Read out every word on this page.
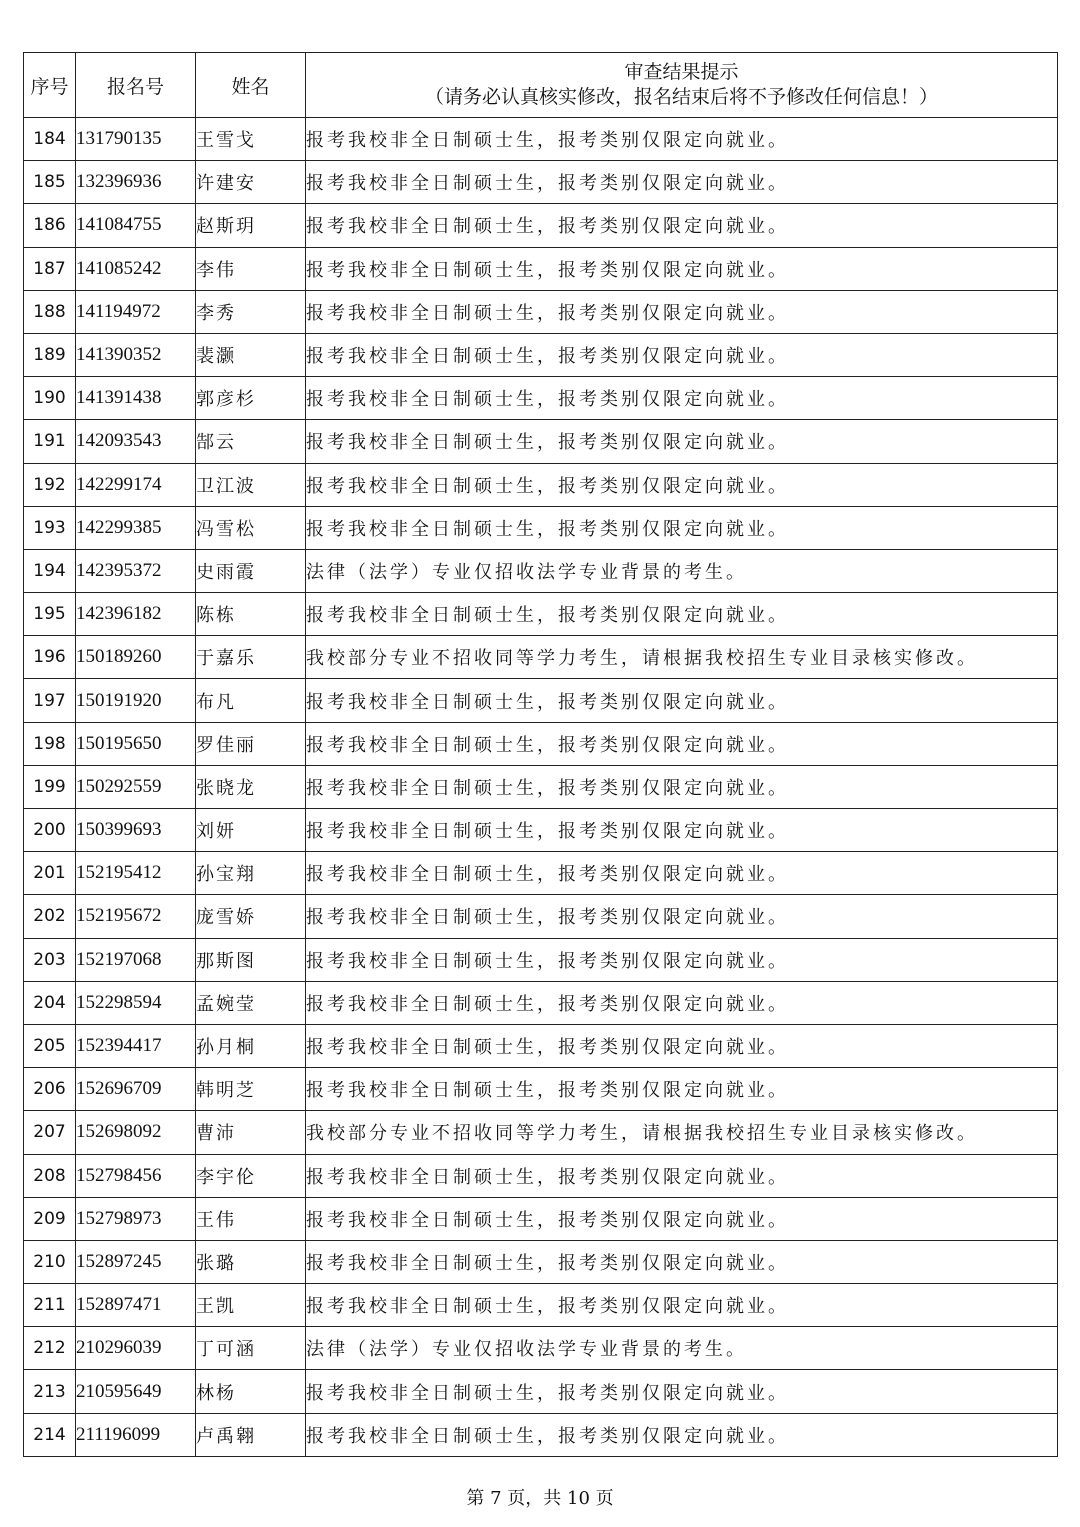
序号	报名号	姓名	审查结果提示
（请务必认真核实修改，报名结束后将不予修改任何信息！）

184	131790135	王雪戈	报考我校非全日制硕士生，报考类别仅限定向就业。
185	132396936	许建安	报考我校非全日制硕士生，报考类别仅限定向就业。
186	141084755	赵斯玥	报考我校非全日制硕士生，报考类别仅限定向就业。
187	141085242	李伟	报考我校非全日制硕士生，报考类别仅限定向就业。
188	141194972	李秀	报考我校非全日制硕士生，报考类别仅限定向就业。
189	141390352	裴灏	报考我校非全日制硕士生，报考类别仅限定向就业。
190	141391438	郭彦杉	报考我校非全日制硕士生，报考类别仅限定向就业。
191	142093543	郜云	报考我校非全日制硕士生，报考类别仅限定向就业。
192	142299174	卫江波	报考我校非全日制硕士生，报考类别仅限定向就业。
193	142299385	冯雪松	报考我校非全日制硕士生，报考类别仅限定向就业。
194	142395372	史雨霞	法律（法学）专业仅招收法学专业背景的考生。
195	142396182	陈栋	报考我校非全日制硕士生，报考类别仅限定向就业。
196	150189260	于嘉乐	我校部分专业不招收同等学力考生，请根据我校招生专业目录核实修改。
197	150191920	布凡	报考我校非全日制硕士生，报考类别仅限定向就业。
198	150195650	罗佳丽	报考我校非全日制硕士生，报考类别仅限定向就业。
199	150292559	张晓龙	报考我校非全日制硕士生，报考类别仅限定向就业。
200	150399693	刘妍	报考我校非全日制硕士生，报考类别仅限定向就业。
201	152195412	孙宝翔	报考我校非全日制硕士生，报考类别仅限定向就业。
202	152195672	庞雪娇	报考我校非全日制硕士生，报考类别仅限定向就业。
203	152197068	那斯图	报考我校非全日制硕士生，报考类别仅限定向就业。
204	152298594	孟婉莹	报考我校非全日制硕士生，报考类别仅限定向就业。
205	152394417	孙月桐	报考我校非全日制硕士生，报考类别仅限定向就业。
206	152696709	韩明芝	报考我校非全日制硕士生，报考类别仅限定向就业。
207	152698092	曹沛	我校部分专业不招收同等学力考生，请根据我校招生专业目录核实修改。
208	152798456	李宇伦	报考我校非全日制硕士生，报考类别仅限定向就业。
209	152798973	王伟	报考我校非全日制硕士生，报考类别仅限定向就业。
210	152897245	张璐	报考我校非全日制硕士生，报考类别仅限定向就业。
211	152897471	王凯	报考我校非全日制硕士生，报考类别仅限定向就业。
212	210296039	丁可涵	法律（法学）专业仅招收法学专业背景的考生。
213	210595649	林杨	报考我校非全日制硕士生，报考类别仅限定向就业。
214	211196099	卢禹翱	报考我校非全日制硕士生，报考类别仅限定向就业。
第 7 页，共 10 页
